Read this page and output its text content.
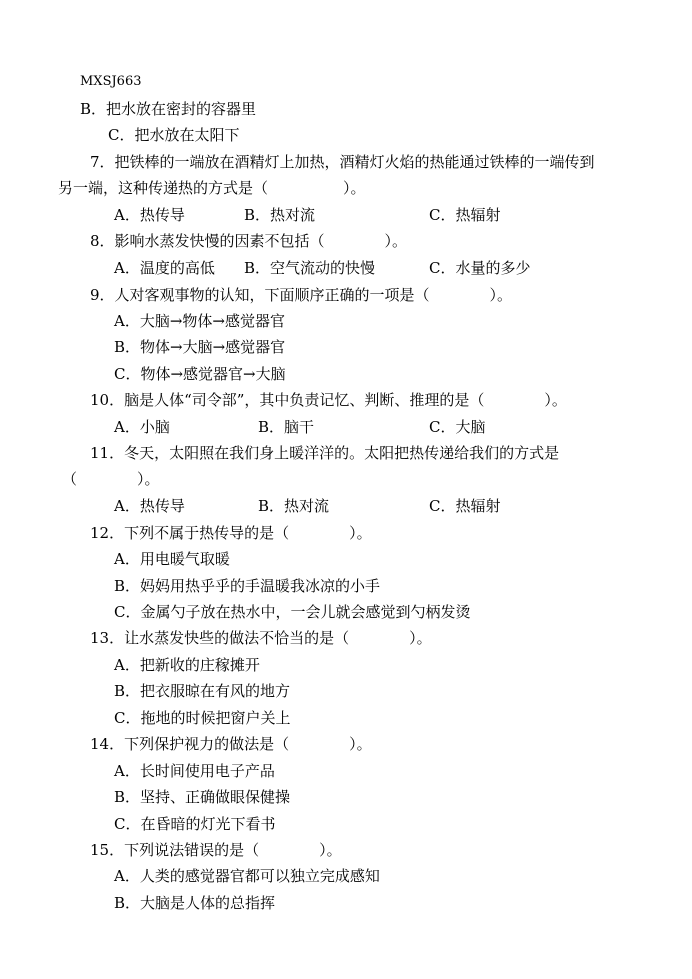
MXSJ663
B．把水放在密封的容器里
C．把水放在太阳下
7．把铁棒的一端放在酒精灯上加热，酒精灯火焰的热能通过铁棒的一端传到
另一端，这种传递热的方式是（　　　　　）。
A．热传导	B．热对流	C．热辐射
8．影响水蒸发快慢的因素不包括（　　　　）。
A．温度的高低 B．空气流动的快慢	C．水量的多少
9．人对客观事物的认知，下面顺序正确的一项是（　　　　）。
A．大脑→物体→感觉器官
B．物体→大脑→感觉器官
C．物体→感觉器官→大脑
10．脑是人体“司令部”，其中负责记忆、判断、推理的是（　　　　）。
A．小脑	B．脑干	C．大脑
11．冬天，太阳照在我们身上暖洋洋的。太阳把热传递给我们的方式是
（　　　　）。
A．热传导	B．热对流	C．热辐射
12．下列不属于热传导的是（　　　　）。
A．用电暖气取暖
B．妈妈用热乎乎的手温暖我冰凉的小手
C．金属勺子放在热水中，一会儿就会感觉到勺柄发烫
13．让水蒸发快些的做法不恰当的是（　　　　）。
A．把新收的庄稼摊开
B．把衣服晾在有风的地方
C．拖地的时候把窗户关上
14．下列保护视力的做法是（　　　　）。
A．长时间使用电子产品
B．坚持、正确做眼保健操
C．在昏暗的灯光下看书
15．下列说法错误的是（　　　　）。
A．人类的感觉器官都可以独立完成感知
B．大脑是人体的总指挥
